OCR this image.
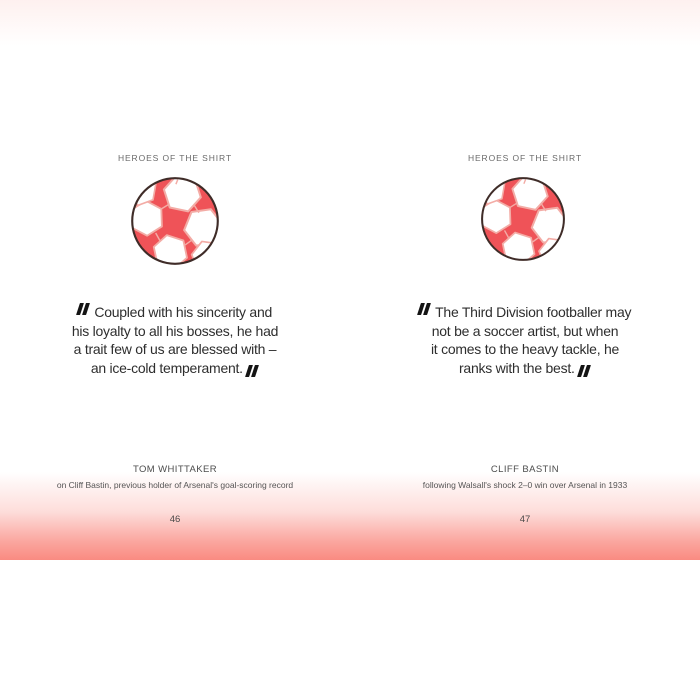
HEROES OF THE SHIRT
Coupled with his sincerity and
his loyalty to all his bosses, he had
a trait few of us are blessed with –
an ice-cold temperament.
TOM WHITTAKER
on Cliff Bastin, previous holder of Arsenal's goal-scoring record
46
HEROES OF THE SHIRT
The Third Division footballer may
not be a soccer artist, but when
it comes to the heavy tackle, he
ranks with the best.
CLIFF BASTIN
following Walsall's shock 2–0 win over Arsenal in 1933
47
